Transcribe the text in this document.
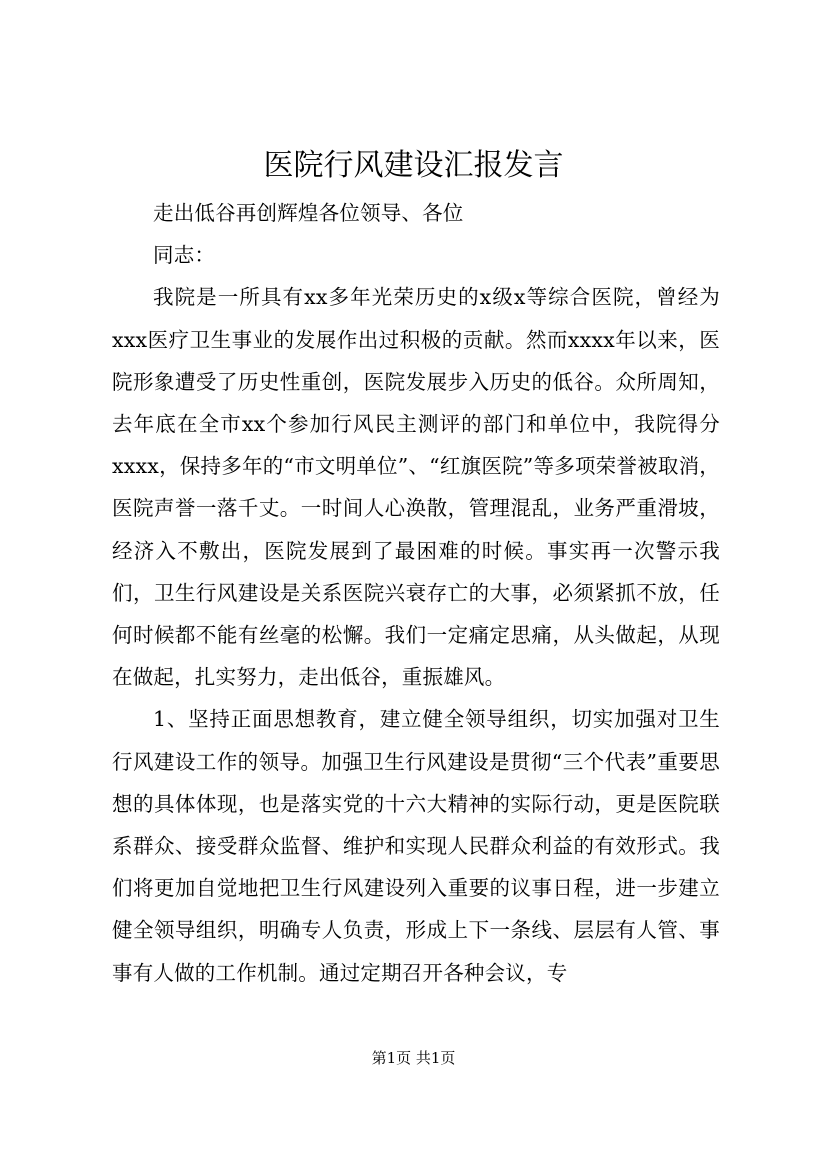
医院行风建设汇报发言

走出低谷再创辉煌各位领导、各位

同志：

我院是一所具有xx多年光荣历史的x级x等综合医院，曾经为xxx医疗卫生事业的发展作出过积极的贡献。然而xxxx年以来，医院形象遭受了历史性重创，医院发展步入历史的低谷。众所周知，去年底在全市xx个参加行风民主测评的部门和单位中，我院得分xxxx，保持多年的“市文明单位”、“红旗医院”等多项荣誉被取消，医院声誉一落千丈。一时间人心涣散，管理混乱，业务严重滑坡，经济入不敷出，医院发展到了最困难的时候。事实再一次警示我们，卫生行风建设是关系医院兴衰存亡的大事，必须紧抓不放，任何时候都不能有丝毫的松懈。我们一定痛定思痛，从头做起，从现在做起，扎实努力，走出低谷，重振雄风。

1、坚持正面思想教育，建立健全领导组织，切实加强对卫生行风建设工作的领导。加强卫生行风建设是贯彻“三个代表”重要思想的具体体现，也是落实党的十六大精神的实际行动，更是医院联系群众、接受群众监督、维护和实现人民群众利益的有效形式。我们将更加自觉地把卫生行风建设列入重要的议事日程，进一步建立健全领导组织，明确专人负责，形成上下一条线、层层有人管、事事有人做的工作机制。通过定期召开各种会议，专

第1页 共1页
